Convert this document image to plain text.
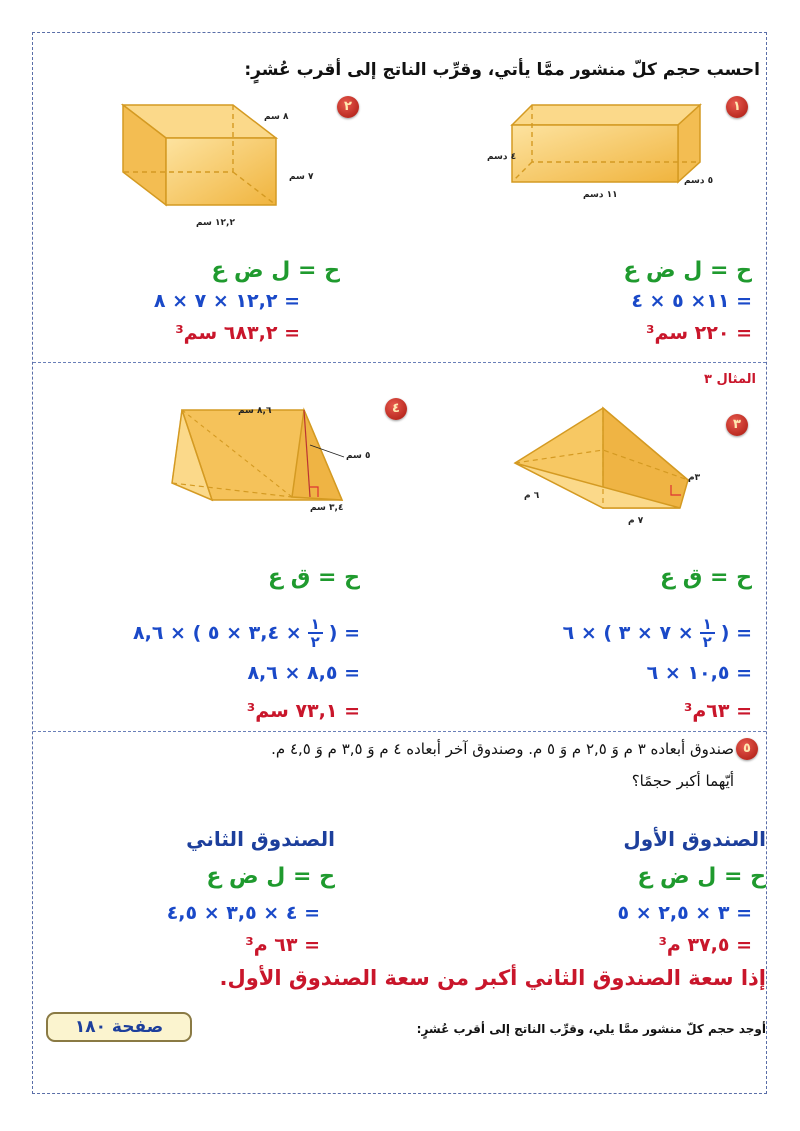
احسب حجم كلّ منشور ممَّا يأتي، وقرِّب الناتج إلى أقرب عُشرٍ:
١
٤ دسم
٥ دسم
١١ دسم
٢
٨ سم
٧ سم
١٢,٢ سم
ح = ل ض ع
= ١١× ٥ × ٤
= ٢٢٠ سم³
ح = ل ض ع
= ١٢,٢ × ٧ × ٨
= ٦٨٣,٢ سم³
المثال ٣
٣
٣م
٦ م
٧ م
٤
٨,٦ سم
٥ سم
٣,٤ سم
ح = ق ع
= (
١
٢
× ٧ × ٣ ) × ٦
= ١٠,٥ × ٦
= ٦٣م³
ح = ق ع
= (
١
٢
× ٣,٤ × ٥ ) × ٨,٦
= ٨,٥ × ٨,٦
= ٧٣,١ سم³
٥
صندوق أبعاده ٣ م وَ ٢,٥ م وَ ٥ م. وصندوق آخر أبعاده ٤ م وَ ٣,٥ م وَ ٤,٥ م.
أيّهما أكبر حجمًا؟
الصندوق الأول
ح = ل ض ع
= ٣ × ٢,٥ × ٥
= ٣٧,٥ م³
الصندوق الثاني
ح = ل ض ع
= ٤ × ٣,٥ × ٤,٥
= ٦٣ م³
إذا سعة الصندوق الثاني أكبر من سعة الصندوق الأول.
صفحة ١٨٠	أوجد حجم كلّ منشور ممَّا يلي، وقرِّب الناتج إلى أقرب عُشرٍ:
